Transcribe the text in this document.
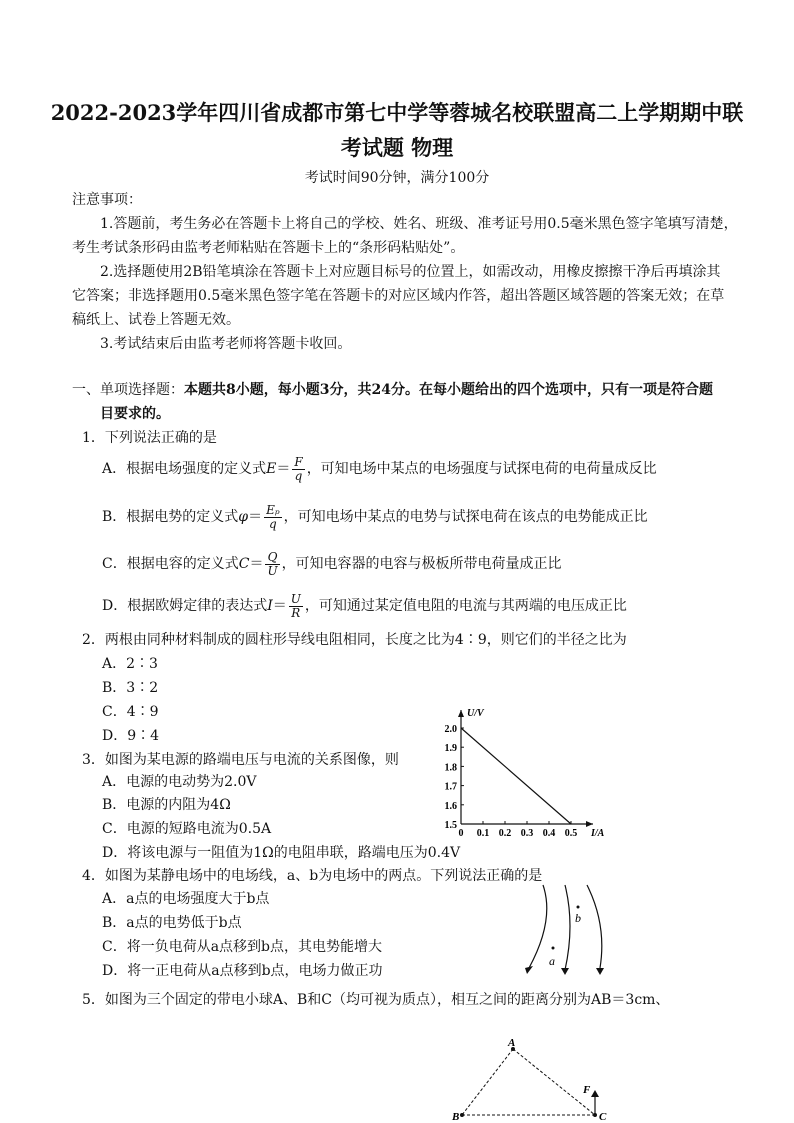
2022-2023学年四川省成都市第七中学等蓉城名校联盟高二上学期期中联
考试题 物理
考试时间90分钟，满分100分
注意事项：
1.答题前，考生务必在答题卡上将自己的学校、姓名、班级、准考证号用0.5毫米黑色签字笔填写清楚，
考生考试条形码由监考老师粘贴在答题卡上的“条形码粘贴处”。
2.选择题使用2B铅笔填涂在答题卡上对应题目标号的位置上，如需改动，用橡皮擦擦干净后再填涂其
它答案；非选择题用0.5毫米黑色签字笔在答题卡的对应区域内作答，超出答题区域答题的答案无效；在草
稿纸上、试卷上答题无效。
3.考试结束后由监考老师将答题卡收回。
一、单项选择题：本题共8小题，每小题3分，共24分。在每小题给出的四个选项中，只有一项是符合题
目要求的。
1．下列说法正确的是
A．根据电场强度的定义式$E= \frac{F}{q}$ ，可知电场中某点的电场强度与试探电荷的电荷量成反比
B．根据电势的定义式$\varphi= \frac{\text{Eₚ}}{q}$ ，可知电场中某点的电势与试探电荷在该点的电势能成正比
C．根据电容的定义式$C= \frac{Q}{U}$ ，可知电容器的电容与极板所带电荷量成正比
D．根据欧姆定律的表达式$I= \frac{U}{R}$ ，可知通过某定值电阻的电流与其两端的电压成正比
2．两根由同种材料制成的圆柱形导线电阻相同，长度之比为4∶9，则它们的半径之比为
A．2∶3
B．3∶2
C．4∶9
D．9∶4
3．如图为某电源的路端电压与电流的关系图像，则
A．电源的电动势为2.0V
B．电源的内阻为4Ω
C．电源的短路电流为0.5A
D．将该电源与一阻值为1Ω的电阻串联，路端电压为0.4V
0 0.1 0.2 0.3 0.4 0.5
1.5
1.6
1.7
1.8
1.9
2.0
I/A
U/V
4．如图为某静电场中的电场线，a、b为电场中的两点。下列说法正确的是
A．a点的电场强度大于b点
B．a点的电势低于b点
C．将一负电荷从a点移到b点，其电势能增大
D．将一正电荷从a点移到b点，电场力做正功
a
b
5．如图为三个固定的带电小球A、B和C（均可视为质点），相互之间的距离分别为AB＝3cm、
A
B	C
F
